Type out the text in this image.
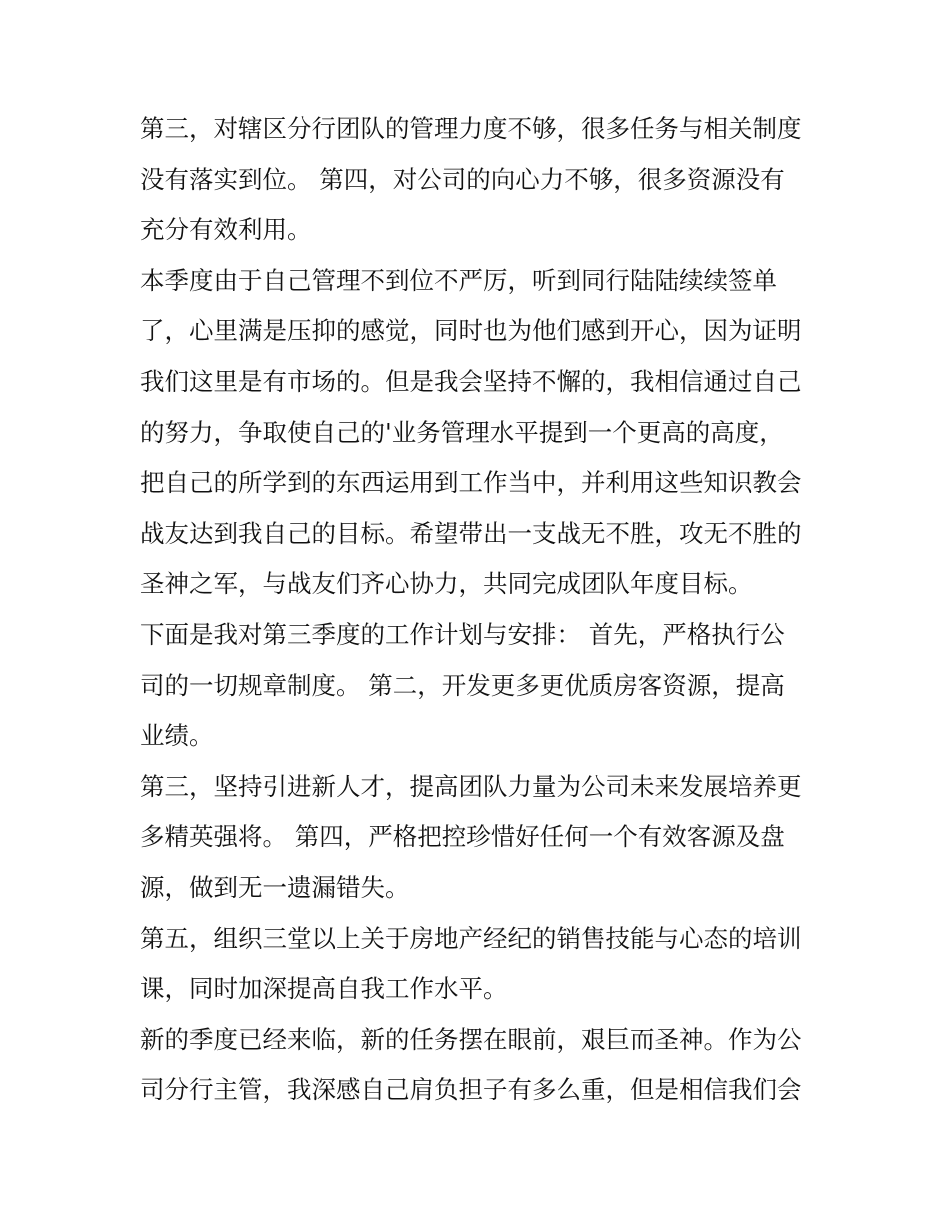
第三，对辖区分行团队的管理力度不够，很多任务与相关制度
没有落实到位。 第四，对公司的向心力不够，很多资源没有
充分有效利用。
本季度由于自己管理不到位不严厉，听到同行陆陆续续签单
了，心里满是压抑的感觉，同时也为他们感到开心，因为证明
我们这里是有市场的。但是我会坚持不懈的，我相信通过自己
的努力，争取使自己的'业务管理水平提到一个更高的高度，
把自己的所学到的东西运用到工作当中，并利用这些知识教会
战友达到我自己的目标。希望带出一支战无不胜，攻无不胜的
圣神之军，与战友们齐心协力，共同完成团队年度目标。
下面是我对第三季度的工作计划与安排： 首先，严格执行公
司的一切规章制度。 第二，开发更多更优质房客资源，提高
业绩。
第三，坚持引进新人才，提高团队力量为公司未来发展培养更
多精英强将。 第四，严格把控珍惜好任何一个有效客源及盘
源，做到无一遗漏错失。
第五，组织三堂以上关于房地产经纪的销售技能与心态的培训
课，同时加深提高自我工作水平。
新的季度已经来临，新的任务摆在眼前，艰巨而圣神。作为公
司分行主管，我深感自己肩负担子有多么重，但是相信我们会
